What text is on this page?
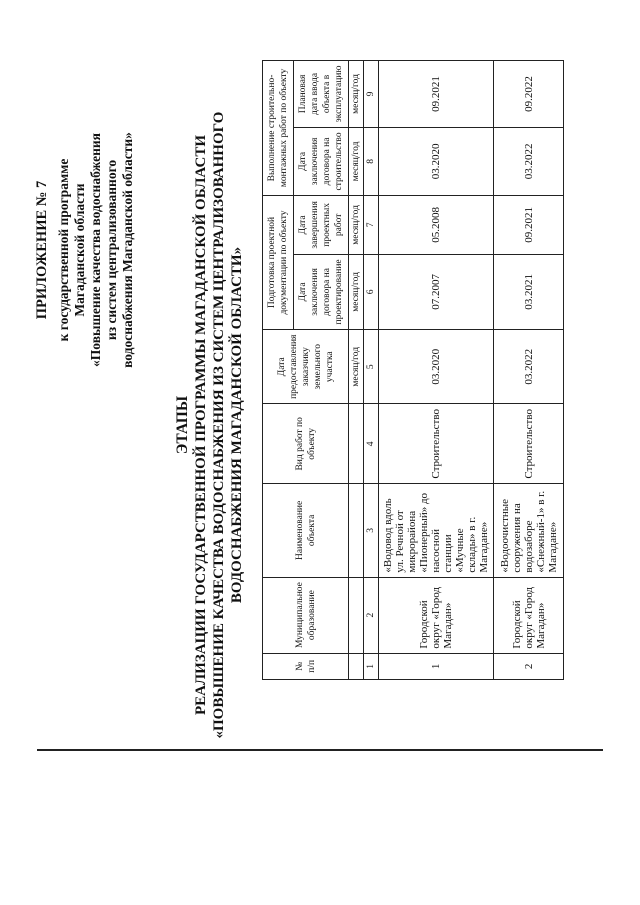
ПРИЛОЖЕНИЕ № 7 к государственной программе Магаданской области «Повышение качества водоснабжения из систем централизованного водоснабжения Магаданской области»
ЭТАПЫ РЕАЛИЗАЦИИ ГОСУДАРСТВЕННОЙ ПРОГРАММЫ МАГАДАНСКОЙ ОБЛАСТИ «ПОВЫШЕНИЕ КАЧЕСТВА ВОДОСНАБЖЕНИЯ ИЗ СИСТЕМ ЦЕНТРАЛИЗОВАННОГО ВОДОСНАБЖЕНИЯ МАГАДАНСКОЙ ОБЛАСТИ»
№ п/п	Муниципальное образование	Наименование объекта	Вид работ по объекту	Дата предоставления заказчику земельного участка	Подготовка проектной документации по объекту		Выполнение строительно-монтажных работ по объекту	
					Дата заключения договора на проектирование	Дата завершения проектных работ	Дата заключения договора на строительство	Плановая дата ввода объекта в эксплуатацию
				месяц/год	месяц/год	месяц/год	месяц/год	месяц/год
1	2	3	4	5	6	7	8	9
1	Городской округ «Город Магадан»	«Водовод вдоль ул. Речной от микрорайона «Пионерный» до насосной станции «Мучные склады» в г. Магадане»	Строительство	03.2020	07.2007	05.2008	03.2020	09.2021
2	Городской округ «Город Магадан»	«Водоочистные сооружения на водозаборе «Снежный-1» в г. Магадане»	Строительство	03.2022	03.2021	09.2021	03.2022	09.2022
